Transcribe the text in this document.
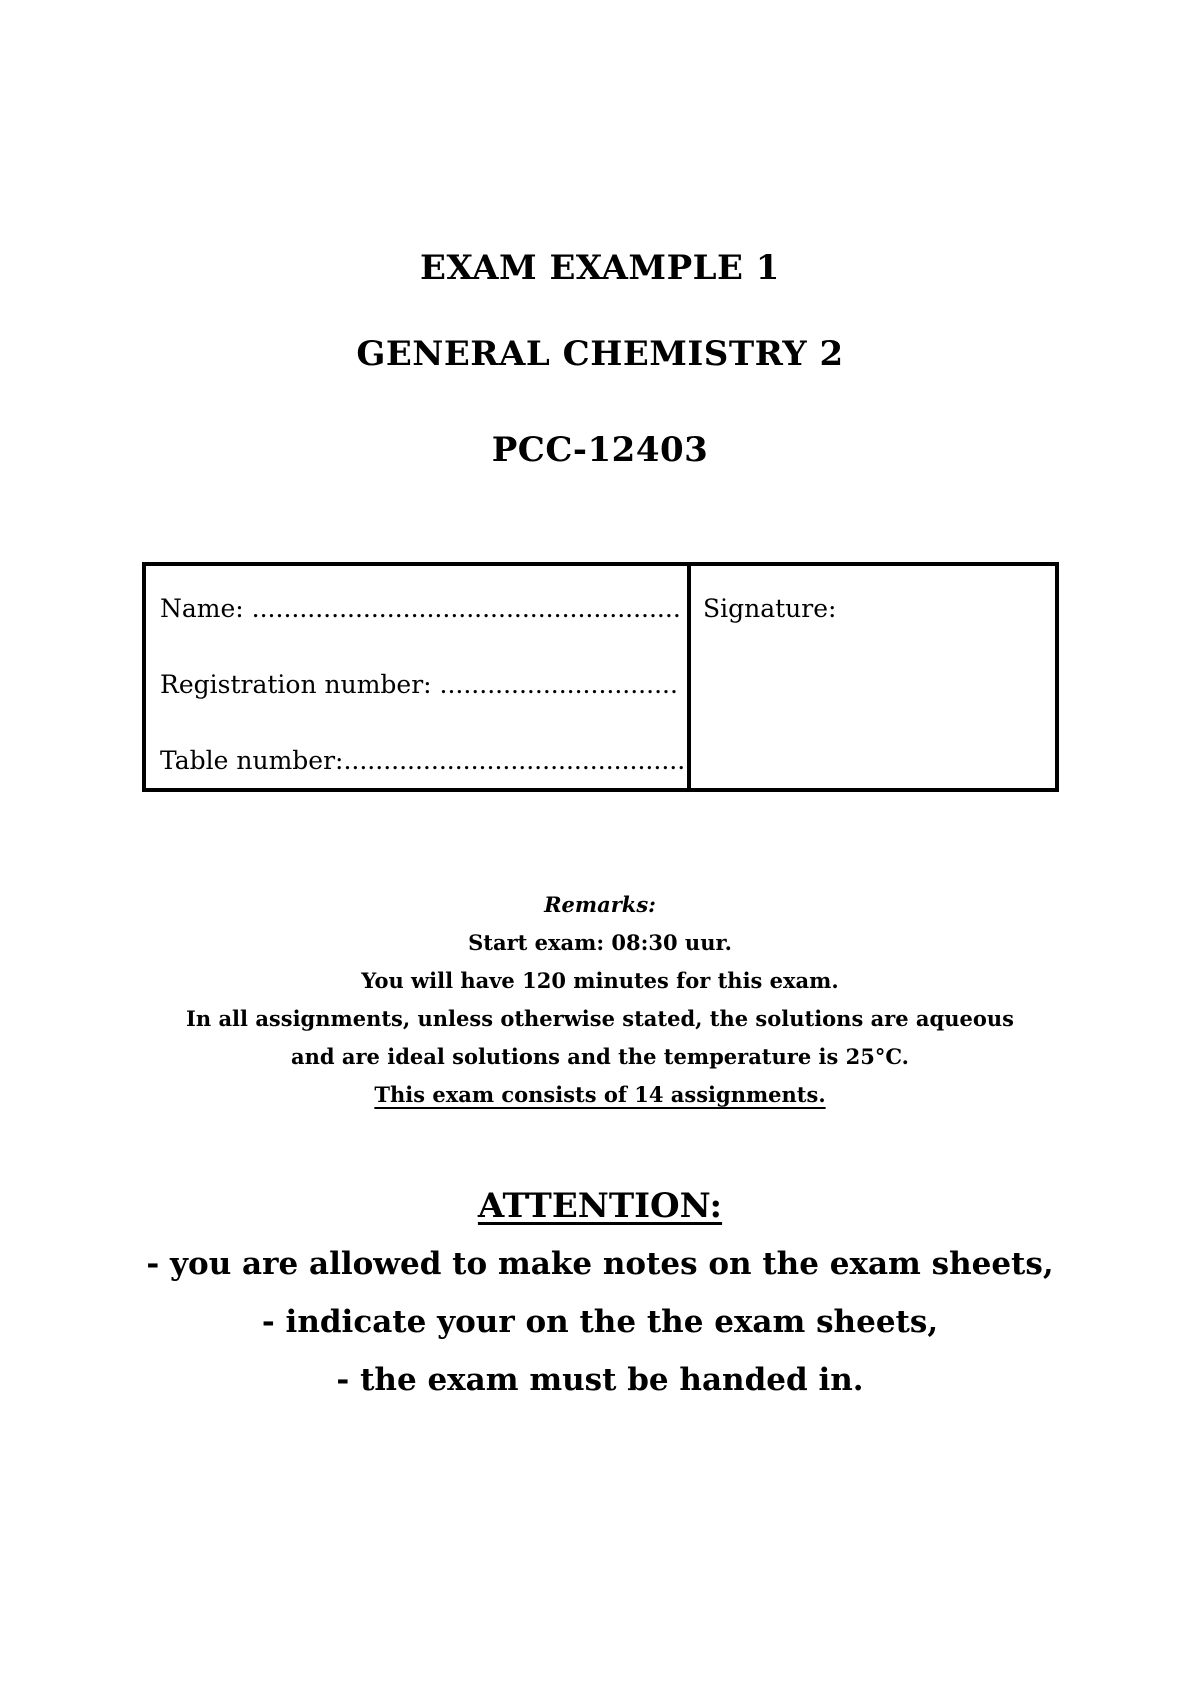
EXAM EXAMPLE 1
GENERAL CHEMISTRY 2
PCC-12403
Name: ......................................................
Registration number: ..............................
Table number:...........................................
Signature:
Remarks:
Start exam: 08:30 uur.
You will have 120 minutes for this exam.
In all assignments, unless otherwise stated, the solutions are aqueous
and are ideal solutions and the temperature is 25°C.
This exam consists of 14 assignments.
ATTENTION:
- you are allowed to make notes on the exam sheets,
- indicate your on the the exam sheets,
- the exam must be handed in.
